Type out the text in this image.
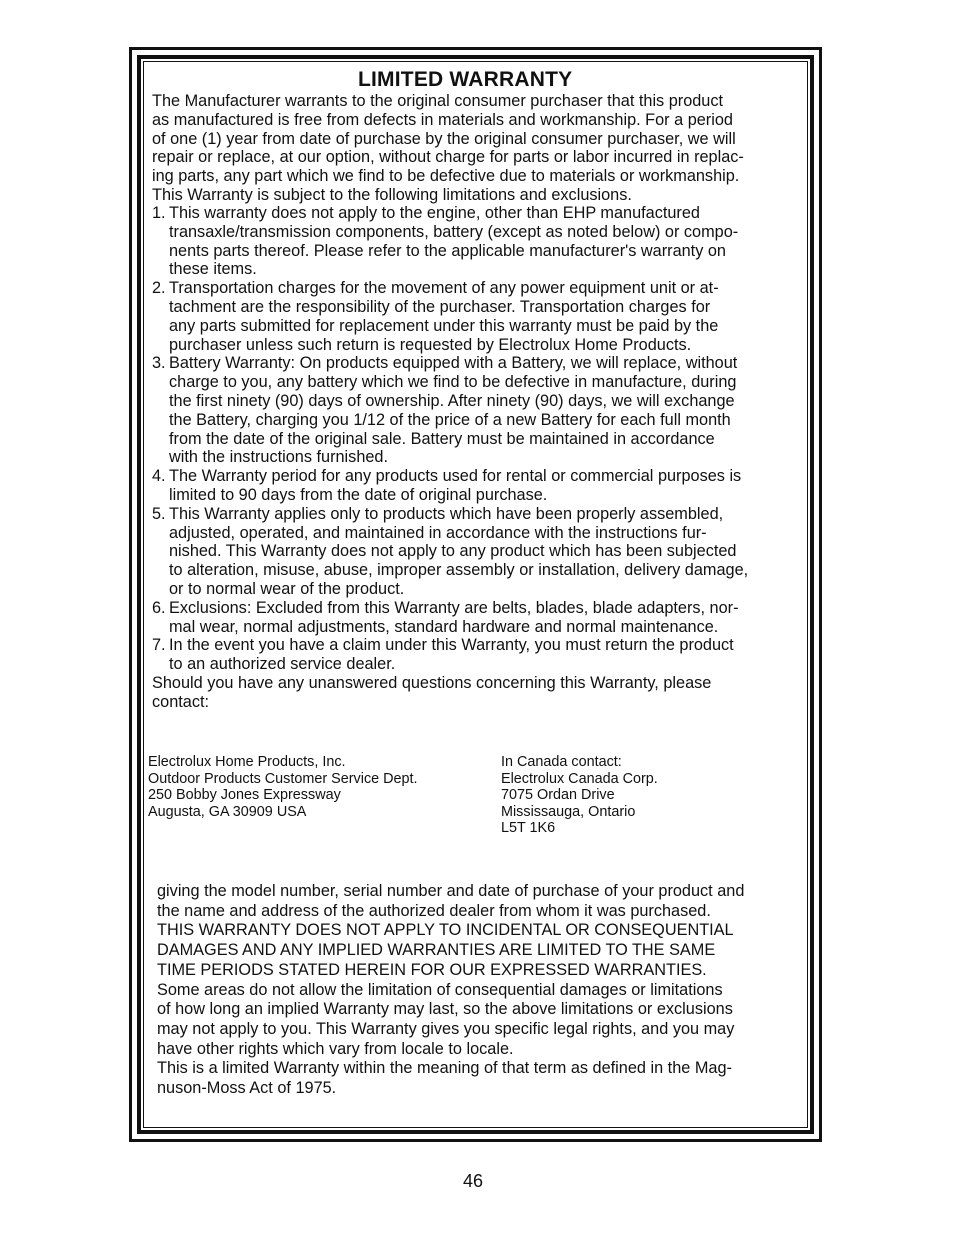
LIMITED WARRANTY
The Manufacturer warrants to the original consumer purchaser that this product
as manufactured is free from defects in materials and workmanship. For a period
of one (1) year from date of purchase by the original consumer purchaser, we will
repair or replace, at our option, without charge for parts or labor incurred in replac-
ing parts, any part which we find to be defective due to materials or workmanship.
This Warranty is subject to the following limitations and exclusions.
1. This warranty does not apply to the engine, other than EHP manufactured
transaxle/transmission components, battery (except as noted below) or compo-
nents parts thereof. Please refer to the applicable manufacturer's warranty on
these items.
2. Transportation charges for the movement of any power equipment unit or at-
tachment are the responsibility of the purchaser. Transportation charges for
any parts submitted for replacement under this warranty must be paid by the
purchaser unless such return is requested by Electrolux Home Products.
3. Battery Warranty: On products equipped with a Battery, we will replace, without
charge to you, any battery which we find to be defective in manufacture, during
the first ninety (90) days of ownership. After ninety (90) days, we will exchange
the Battery, charging you 1/12 of the price of a new Battery for each full month
from the date of the original sale. Battery must be maintained in accordance
with the instructions furnished.
4. The Warranty period for any products used for rental or commercial purposes is
limited to 90 days from the date of original purchase.
5. This Warranty applies only to products which have been properly assembled,
adjusted, operated, and maintained in accordance with the instructions fur-
nished. This Warranty does not apply to any product which has been subjected
to alteration, misuse, abuse, improper assembly or installation, delivery damage,
or to normal wear of the product.
6. Exclusions: Excluded from this Warranty are belts, blades, blade adapters, nor-
mal wear, normal adjustments, standard hardware and normal maintenance.
7. In the event you have a claim under this Warranty, you must return the product
to an authorized service dealer.
Should you have any unanswered questions concerning this Warranty, please
contact:
Electrolux Home Products, Inc.
Outdoor Products Customer Service Dept.
250 Bobby Jones Expressway
Augusta, GA 30909 USA
In Canada contact:
Electrolux Canada Corp.
7075 Ordan Drive
Mississauga, Ontario
L5T 1K6
giving the model number, serial number and date of purchase of your product and
the name and address of the authorized dealer from whom it was purchased.
THIS WARRANTY DOES NOT APPLY TO INCIDENTAL OR CONSEQUENTIAL
DAMAGES AND ANY IMPLIED WARRANTIES ARE LIMITED TO THE SAME
TIME PERIODS STATED HEREIN FOR OUR EXPRESSED WARRANTIES.
Some areas do not allow the limitation of consequential damages or limitations
of how long an implied Warranty may last, so the above limitations or exclusions
may not apply to you. This Warranty gives you specific legal rights, and you may
have other rights which vary from locale to locale.
This is a limited Warranty within the meaning of that term as defined in the Mag-
nuson-Moss Act of 1975.
46
